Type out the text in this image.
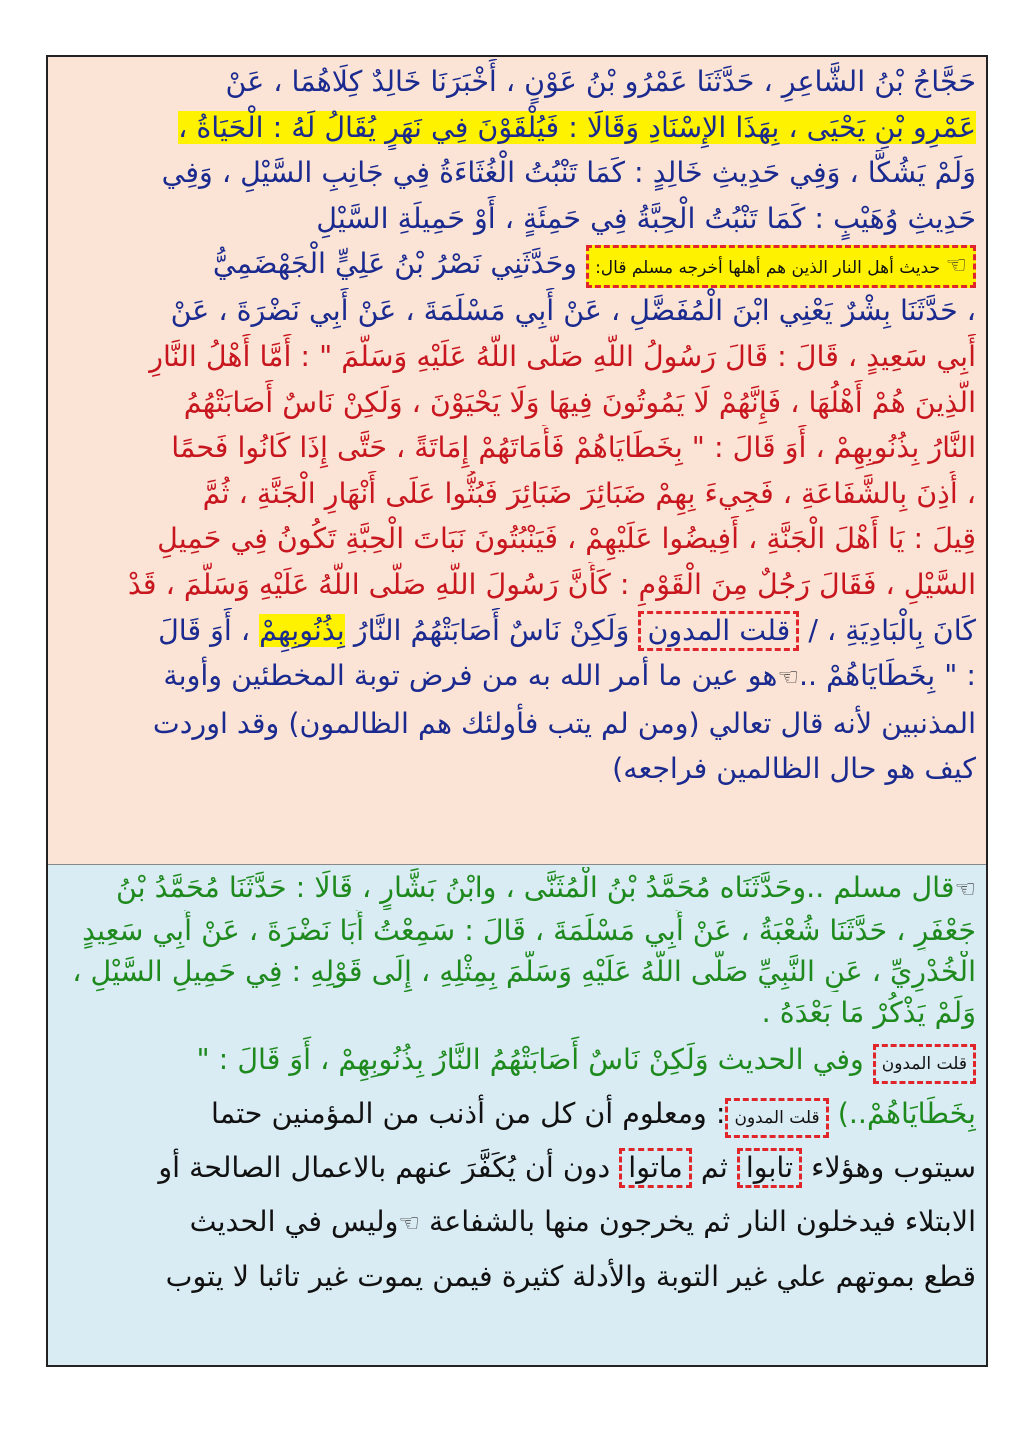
حَجَّاجُ بْنُ الشَّاعِرِ ، حَدَّثَنَا عَمْرُو بْنُ عَوْنٍ ، أَخْبَرَنَا خَالِدٌ كِلَاهُمَا ، عَنْ
عَمْرِو بْنِ يَحْيَى ، بِهَذَا الإِسْنَادِ وَقَالَا : فَيُلْقَوْنَ فِي نَهَرٍ يُقَالُ لَهُ : الْحَيَاةُ ،
وَلَمْ يَشُكَّا ، وَفِي حَدِيثِ خَالِدٍ : كَمَا تَنْبُتُ الْغُثَاءَةُ فِي جَانِبِ السَّيْلِ ، وَفِي
حَدِيثِ وُهَيْبٍ : كَمَا تَنْبُتُ الْحِبَّةُ فِي حَمِئَةٍ ، أَوْ حَمِيلَةِ السَّيْلِ
☜ حديث أهل النار الذين هم أهلها أخرجه مسلم قال: وحَدَّثَنِي نَصْرُ بْنُ عَلِيٍّ الْجَهْضَمِيُّ
، حَدَّثَنَا بِشْرٌ يَعْنِي ابْنَ الْمُفَضَّلِ ، عَنْ أَبِي مَسْلَمَةَ ، عَنْ أَبِي نَضْرَةَ ، عَنْ
أَبِي سَعِيدٍ ، قَالَ : قَالَ رَسُولُ اللَّهِ صَلَّى اللَّهُ عَلَيْهِ وَسَلَّمَ " : أَمَّا أَهْلُ النَّارِ
الَّذِينَ هُمْ أَهْلُهَا ، فَإِنَّهُمْ لَا يَمُوتُونَ فِيهَا وَلَا يَحْيَوْنَ ، وَلَكِنْ نَاسٌ أَصَابَتْهُمُ
النَّارُ بِذُنُوبِهِمْ ، أَوَ قَالَ : " بِخَطَايَاهُمْ فَأَمَاتَهُمْ إِمَاتَةً ، حَتَّى إِذَا كَانُوا فَحمًا
، أُذِنَ بِالشَّفَاعَةِ ، فَجِيءَ بِهِمْ ضَبَائِرَ ضَبَائِرَ فَبُثُّوا عَلَى أَنْهَارِ الْجَنَّةِ ، ثُمَّ
قِيلَ : يَا أَهْلَ الْجَنَّةِ ، أَفِيضُوا عَلَيْهِمْ ، فَيَنْبُتُونَ نَبَاتَ الْحِبَّةِ تَكُونُ فِي حَمِيلِ
السَّيْلِ ، فَقَالَ رَجُلٌ مِنَ الْقَوْمِ : كَأَنَّ رَسُولَ اللَّهِ صَلَّى اللَّهُ عَلَيْهِ وَسَلَّمَ ، قَدْ
كَانَ بِالْبَادِيَةِ ، / قلت المدون وَلَكِنْ نَاسٌ أَصَابَتْهُمُ النَّارُ بِذُنُوبِهِمْ ، أَوَ قَالَ
: " بِخَطَايَاهُمْ ..☜هو عين ما أمر الله به من فرض توبة المخطئين وأوبة
المذنبين لأنه قال تعالي (ومن لم يتب فأولئك هم الظالمون) وقد اوردت
كيف هو حال الظالمين فراجعه)
☜قال مسلم ..وحَدَّثَنَاه مُحَمَّدُ بْنُ الْمُثَنَّى ، وابْنُ بَشَّارٍ ، قَالَا : حَدَّثَنَا مُحَمَّدُ بْنُ
جَعْفَرٍ ، حَدَّثَنَا شُعْبَةُ ، عَنْ أَبِي مَسْلَمَةَ ، قَالَ : سَمِعْتُ أَبَا نَضْرَةَ ، عَنْ أَبِي سَعِيدٍ
الْخُدْرِيِّ ، عَنِ النَّبِيِّ صَلَّى اللَّهُ عَلَيْهِ وَسَلَّمَ بِمِثْلِهِ ، إِلَى قَوْلِهِ : فِي حَمِيلِ السَّيْلِ ،
وَلَمْ يَذْكُرْ مَا بَعْدَهُ .
قلت المدون وفي الحديث وَلَكِنْ نَاسٌ أَصَابَتْهُمُ النَّارُ بِذُنُوبِهِمْ ، أَوَ قَالَ : "
بِخَطَايَاهُمْ..) قلت المدون: ومعلوم أن كل من أذنب من المؤمنين حتما
سيتوب وهؤلاء تابوا ثم ماتوا دون أن يُكَفَّرَ عنهم بالاعمال الصالحة أو
الابتلاء فيدخلون النار ثم يخرجون منها بالشفاعة ☜وليس في الحديث
قطع بموتهم علي غير التوبة والأدلة كثيرة فيمن يموت غير تائبا لا يتوب
